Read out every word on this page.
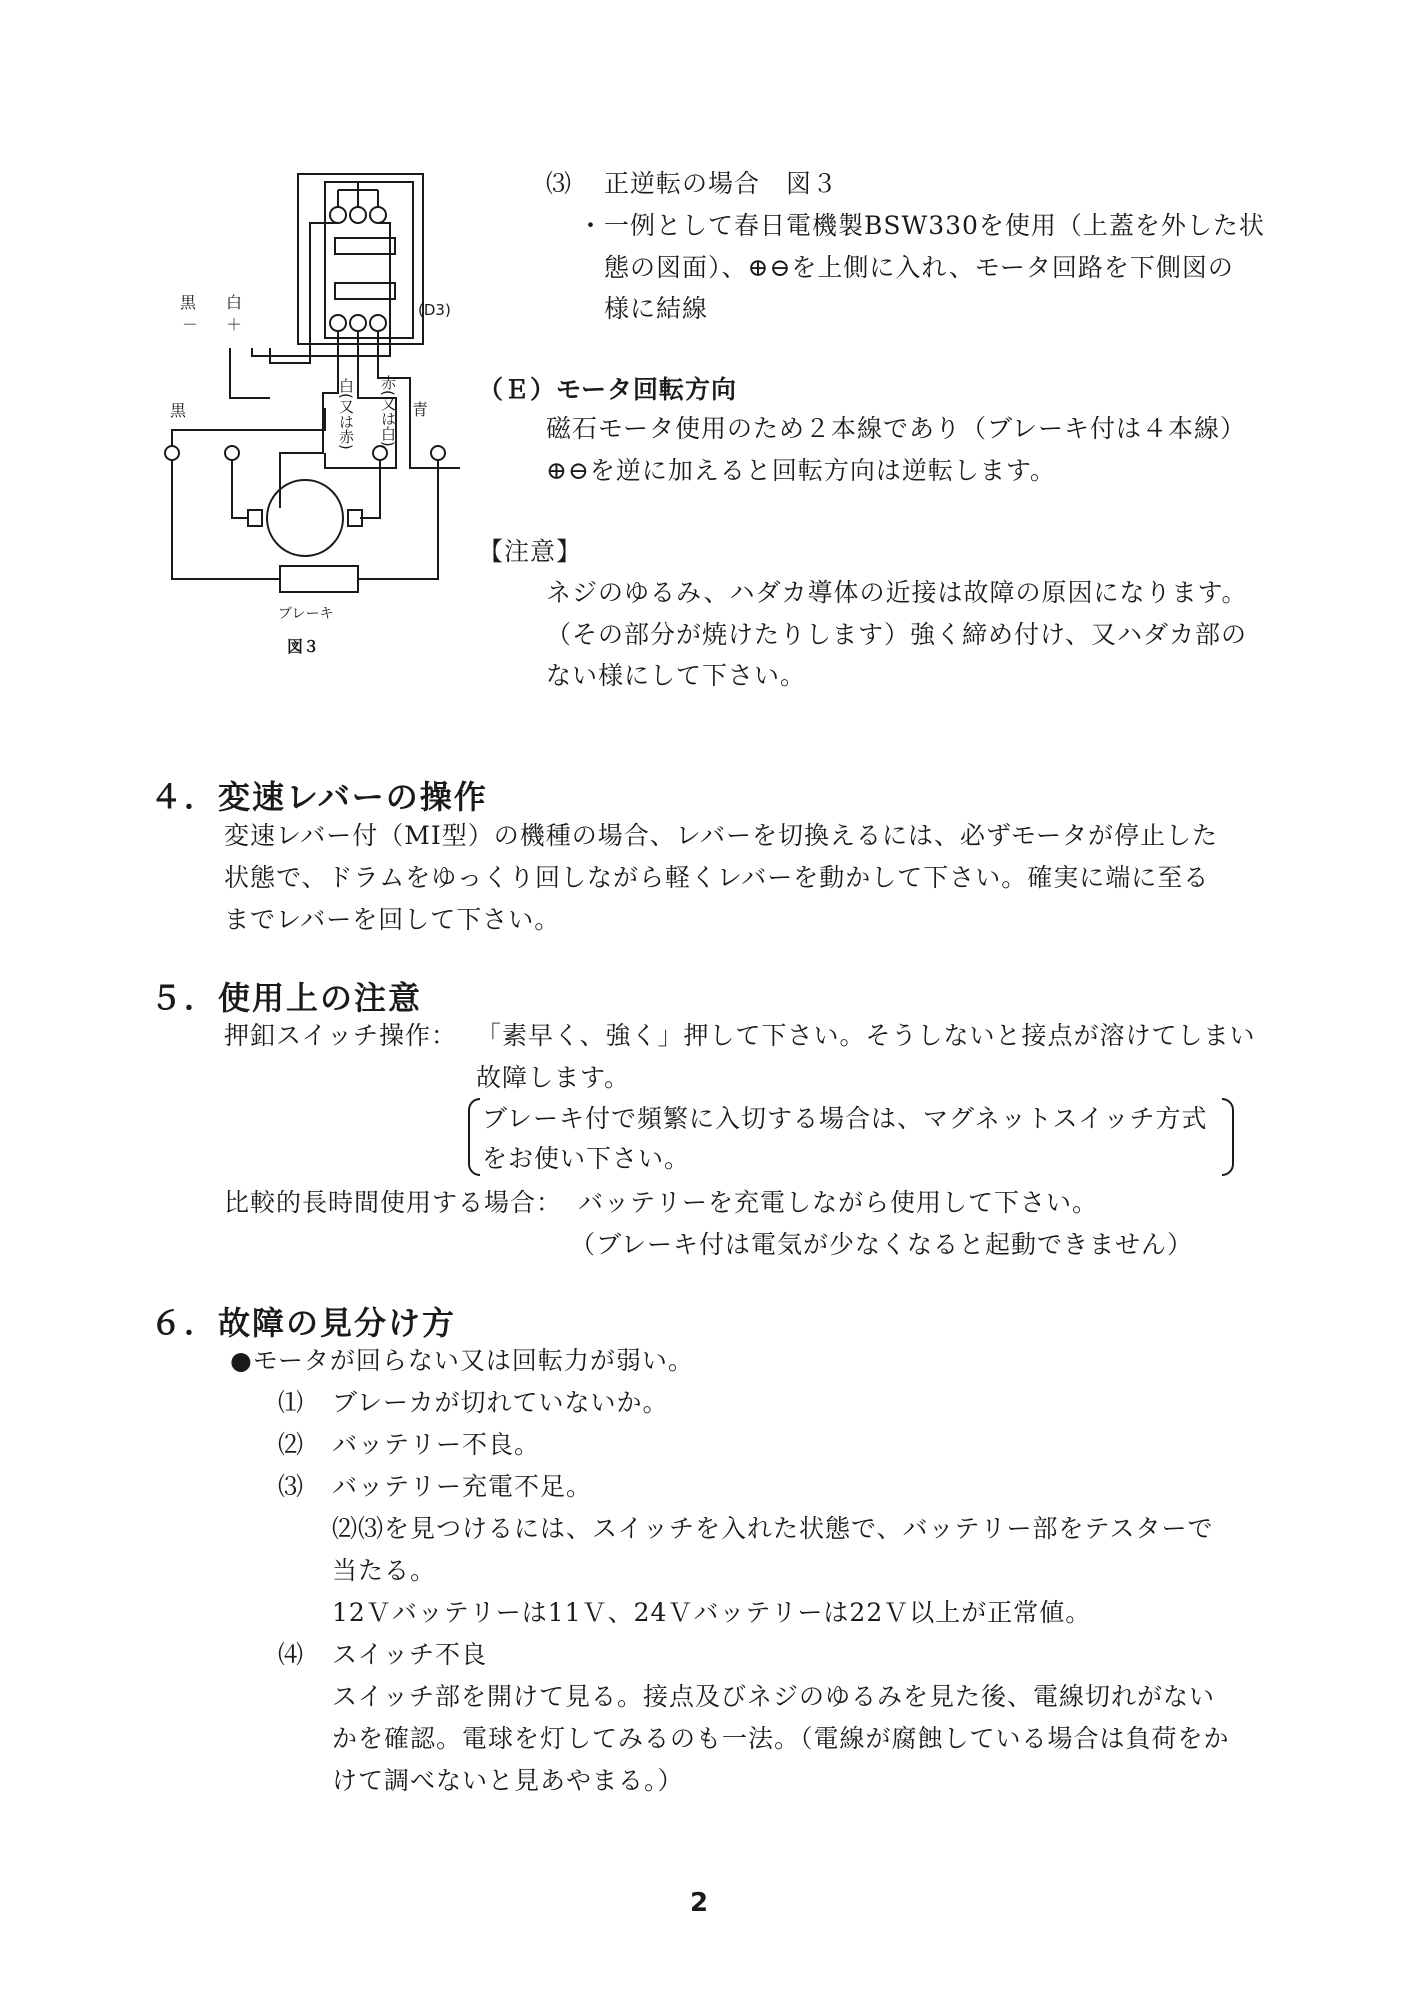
黒
－
白
＋
(D3)
黒	青
ブレーキ
白(又は赤) 赤(又は白)
図３
⑶ 正逆転の場合　図３
・一例として春日電機製BSW330を使用（上蓋を外した状
態の図面）、⊕⊖を上側に入れ、モータ回路を下側図の
様に結線
（Ｅ）モータ回転方向
磁石モータ使用のため２本線であり（ブレーキ付は４本線）
⊕⊖を逆に加えると回転方向は逆転します。
【注意】
ネジのゆるみ、ハダカ導体の近接は故障の原因になります。
（その部分が焼けたりします）強く締め付け、又ハダカ部の
ない様にして下さい。
４．変速レバーの操作
変速レバー付（MI型）の機種の場合、レバーを切換えるには、必ずモータが停止した
状態で、ドラムをゆっくり回しながら軽くレバーを動かして下さい。確実に端に至る
までレバーを回して下さい。
５．使用上の注意
押釦スイッチ操作： 「素早く、強く」押して下さい。そうしないと接点が溶けてしまい
故障します。
ブレーキ付で頻繁に入切する場合は、マグネットスイッチ方式
をお使い下さい。
比較的長時間使用する場合： バッテリーを充電しながら使用して下さい。
（ブレーキ付は電気が少なくなると起動できません）
６．故障の見分け方
●モータが回らない又は回転力が弱い。
⑴ ブレーカが切れていないか。
⑵ バッテリー不良。
⑶ バッテリー充電不足。
⑵⑶を見つけるには、スイッチを入れた状態で、バッテリー部をテスターで
当たる。
12Ｖバッテリーは11Ｖ、24Ｖバッテリーは22Ｖ以上が正常値。
⑷ スイッチ不良
スイッチ部を開けて見る。接点及びネジのゆるみを見た後、電線切れがない
かを確認。電球を灯してみるのも一法。（電線が腐蝕している場合は負荷をか
けて調べないと見あやまる。）
2
